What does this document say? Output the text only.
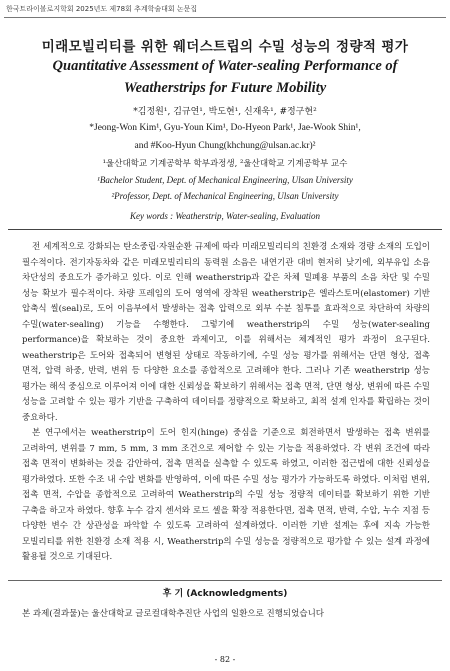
한국트라이볼로지학회 2025년도 제78회 추계학술대회 논문집
미래모빌리티를 위한 웨더스트립의 수밀 성능의 정량적 평가
Quantitative Assessment of Water-sealing Performance of
Weatherstrips for Future Mobility
*김정원¹, 김규연¹, 박도현¹, 신재욱¹, #정구현²
*Jeong-Won Kim¹, Gyu-Youn Kim¹, Do-Hyeon Park¹, Jae-Wook Shin¹,
and #Koo-Hyun Chung(khchung@ulsan.ac.kr)²
¹울산대학교 기계공학부 학부과정생, ²울산대학교 기계공학부 교수
¹Bachelor Student, Dept. of Mechanical Engineering, Ulsan University
²Professor, Dept. of Mechanical Engineering, Ulsan University
Key words : Weatherstrip, Water-sealing, Evaluation

전 세계적으로 강화되는 탄소중립·자원순환 규제에 따라 미래모빌리티의 친환경 소재와 경량 소재의 도입이 필수적이다. 전기자동차와 같은 미래모빌리티의 동력원 소음은 내연기관 대비 현저히 낮기에, 외부유입 소음 차단성의 중요도가 증가하고 있다. 이로 인해 weatherstrip과 같은 차체 밀폐용 부품의 소음 차단 및 수밀 성능 확보가 필수적이다. 차량 프레임의 도어 영역에 장착된 weatherstrip은 엘라스토머(elastomer) 기반 압축식 씰(seal)로, 도어 이음부에서 발생하는 접촉 압력으로 외부 수분 침투를 효과적으로 차단하여 차량의 수밀(water-sealing) 기능을 수행한다. 그렇기에 weatherstrip의 수밀 성능(water-sealing performance)을 확보하는 것이 중요한 과제이고, 이를 위해서는 체계적인 평가 과정이 요구된다. weatherstrip은 도어와 접촉되어 변형된 상태로 작동하기에, 수밀 성능 평가를 위해서는 단면 형상, 접촉 면적, 압력 하중, 반력, 변위 등 다양한 요소를 종합적으로 고려해야 한다. 그러나 기존 weatherstrip 성능 평가는 해석 중심으로 이루어져 이에 대한 신뢰성을 확보하기 위해서는 접촉 면적, 단면 형상, 변위에 따른 수밀 성능을 고려할 수 있는 평가 기반을 구축하여 데이터를 정량적으로 확보하고, 최적 설계 인자를 확립하는 것이 중요하다.

본 연구에서는 weatherstrip이 도어 힌지(hinge) 중심을 기준으로 회전하면서 발생하는 접촉 변위를 고려하여, 변위를 7 mm, 5 mm, 3 mm 조건으로 제어할 수 있는 기능을 적용하였다. 각 변위 조건에 따라 접촉 면적이 변화하는 것을 감안하여, 접촉 면적을 실측할 수 있도록 하였고, 이러한 접근법에 대한 신뢰성을 평가하였다. 또한 수조 내 수압 변화를 반영하여, 이에 따른 수밀 성능 평가가 가능하도록 하였다. 이처럼 변위, 접촉 면적, 수압을 종합적으로 고려하여 Weatherstrip의 수밀 성능 정량적 데이터를 확보하기 위한 기반 구축을 하고자 하였다. 향후 누수 감지 센서와 로드 셀을 확장 적용한다면, 접촉 면적, 반력, 수압, 누수 지점 등 다양한 변수 간 상관성을 파악할 수 있도록 고려하여 설계하였다. 이러한 기반 설계는 후에 지속 가능한 모빌리티를 위한 친환경 소재 적용 시, Weatherstrip의 수밀 성능을 정량적으로 평가할 수 있는 설계 과정에 활용될 것으로 기대된다.

후 기 (Acknowledgments)
본 과제(결과물)는 울산대학교 글로컬대학추진단 사업의 일환으로 진행되었습니다
- 82 -
